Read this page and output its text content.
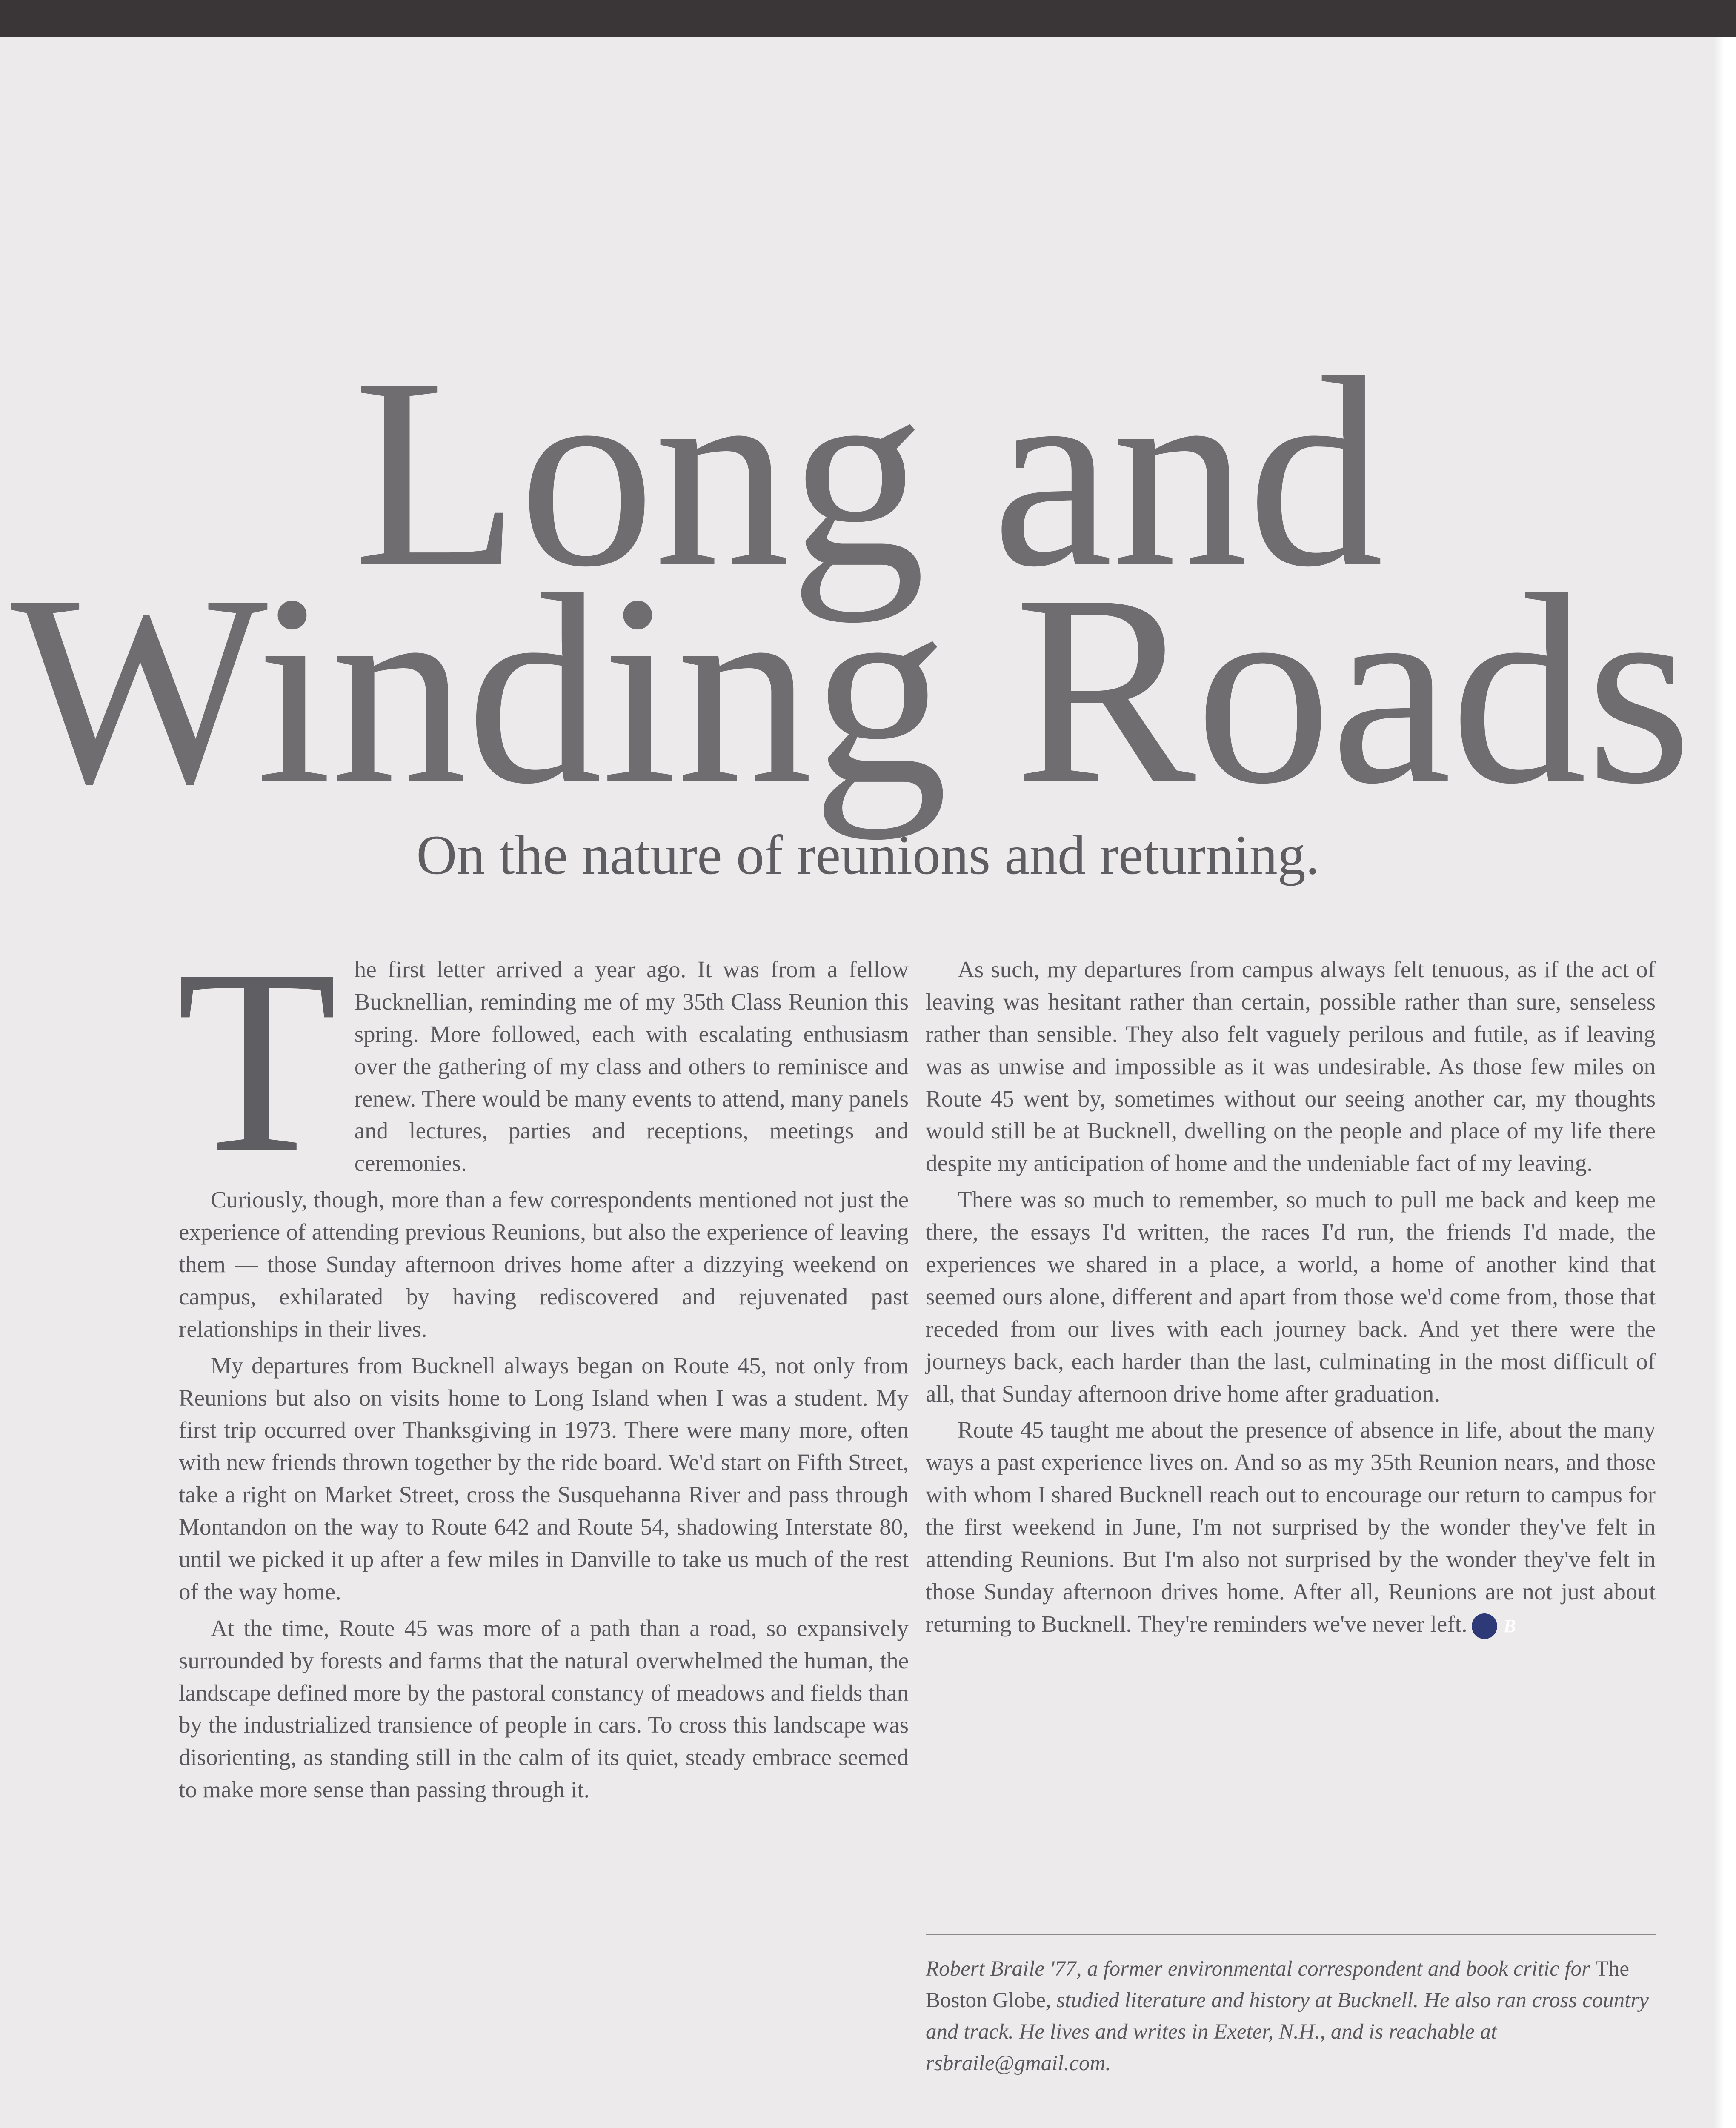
Long and
Winding Roads
On the nature of reunions and returning.

The first letter arrived a year ago. It was from a fellow Bucknellian, reminding me of my 35th Class Reunion this spring. More followed, each with escalating enthusiasm over the gathering of my class and others to reminisce and renew. There would be many events to attend, many panels and lectures, parties and receptions, meetings and ceremonies.

Curiously, though, more than a few correspondents mentioned not just the experience of attending previous Reunions, but also the experience of leaving them — those Sunday afternoon drives home after a dizzying weekend on campus, exhilarated by having rediscovered and rejuvenated past relationships in their lives.

My departures from Bucknell always began on Route 45, not only from Reunions but also on visits home to Long Island when I was a student. My first trip occurred over Thanksgiving in 1973. There were many more, often with new friends thrown together by the ride board. We'd start on Fifth Street, take a right on Market Street, cross the Susquehanna River and pass through Montandon on the way to Route 642 and Route 54, shadowing Interstate 80, until we picked it up after a few miles in Danville to take us much of the rest of the way home.

At the time, Route 45 was more of a path than a road, so expansively surrounded by forests and farms that the natural overwhelmed the human, the landscape defined more by the pastoral constancy of meadows and fields than by the industrialized transience of people in cars. To cross this landscape was disorienting, as standing still in the calm of its quiet, steady embrace seemed to make more sense than passing through it.

As such, my departures from campus always felt tenuous, as if the act of leaving was hesitant rather than certain, possible rather than sure, senseless rather than sensible. They also felt vaguely perilous and futile, as if leaving was as unwise and impossible as it was undesirable. As those few miles on Route 45 went by, sometimes without our seeing another car, my thoughts would still be at Bucknell, dwelling on the people and place of my life there despite my anticipation of home and the undeniable fact of my leaving.

There was so much to remember, so much to pull me back and keep me there, the essays I'd written, the races I'd run, the friends I'd made, the experiences we shared in a place, a world, a home of another kind that seemed ours alone, different and apart from those we'd come from, those that receded from our lives with each journey back. And yet there were the journeys back, each harder than the last, culminating in the most difficult of all, that Sunday afternoon drive home after graduation.

Route 45 taught me about the presence of absence in life, about the many ways a past experience lives on. And so as my 35th Reunion nears, and those with whom I shared Bucknell reach out to encourage our return to campus for the first weekend in June, I'm not surprised by the wonder they've felt in attending Reunions. But I'm also not surprised by the wonder they've felt in those Sunday afternoon drives home. After all, Reunions are not just about returning to Bucknell. They're reminders we've never left. B

Robert Braile '77, a former environmental correspondent and book critic for The Boston Globe, studied literature and history at Bucknell. He also ran cross country and track. He lives and writes in Exeter, N.H., and is reachable at rsbraile@gmail.com.
